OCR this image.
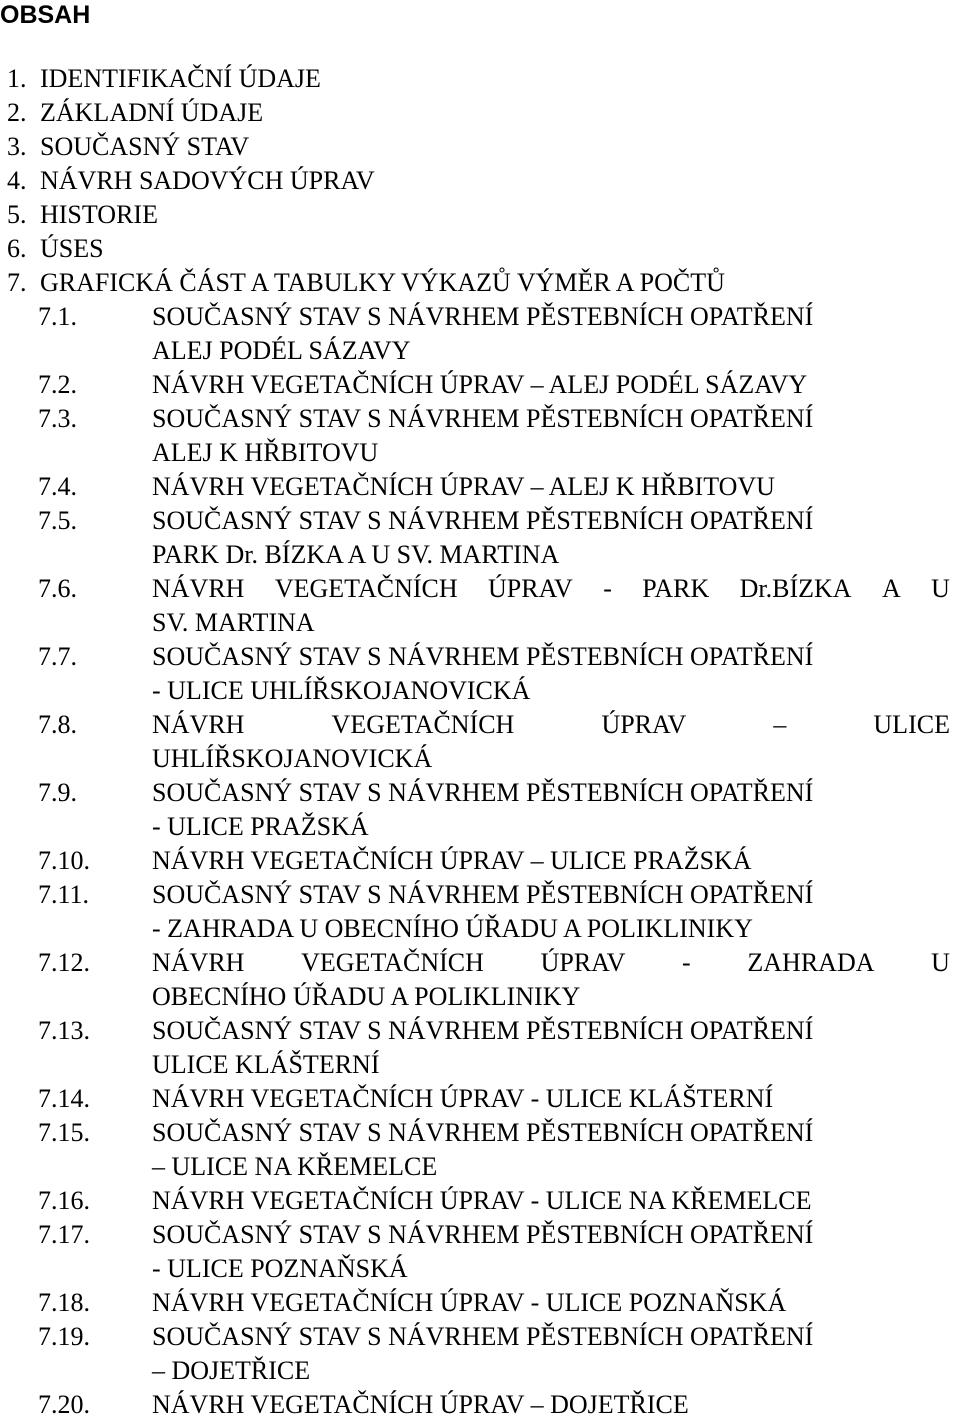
OBSAH
1. IDENTIFIKAČNÍ ÚDAJE
2. ZÁKLADNÍ ÚDAJE
3. SOUČASNÝ STAV
4. NÁVRH SADOVÝCH ÚPRAV
5. HISTORIE
6. ÚSES
7. GRAFICKÁ ČÁST A TABULKY VÝKAZŮ VÝMĚR A POČTŮ
7.1.	SOUČASNÝ STAV S NÁVRHEM PĚSTEBNÍCH OPATŘENÍ
ALEJ PODÉL SÁZAVY
7.2.	NÁVRH VEGETAČNÍCH ÚPRAV – ALEJ PODÉL SÁZAVY
7.3.	SOUČASNÝ STAV S NÁVRHEM PĚSTEBNÍCH OPATŘENÍ
ALEJ K HŘBITOVU
7.4.	NÁVRH VEGETAČNÍCH ÚPRAV – ALEJ K HŘBITOVU
7.5.	SOUČASNÝ STAV S NÁVRHEM PĚSTEBNÍCH OPATŘENÍ
PARK Dr. BÍZKA A U SV. MARTINA
7.6.	NÁVRH VEGETAČNÍCH ÚPRAV - PARK Dr.BÍZKA A U
SV. MARTINA
7.7.	SOUČASNÝ STAV S NÁVRHEM PĚSTEBNÍCH OPATŘENÍ
- ULICE UHLÍŘSKOJANOVICKÁ
7.8.	NÁVRH	VEGETAČNÍCH	ÚPRAV	–	ULICE
UHLÍŘSKOJANOVICKÁ
7.9.	SOUČASNÝ STAV S NÁVRHEM PĚSTEBNÍCH OPATŘENÍ
- ULICE PRAŽSKÁ
7.10. NÁVRH VEGETAČNÍCH ÚPRAV – ULICE PRAŽSKÁ
7.11. SOUČASNÝ STAV S NÁVRHEM PĚSTEBNÍCH OPATŘENÍ
- ZAHRADA U OBECNÍHO ÚŘADU A POLIKLINIKY
7.12. NÁVRH VEGETAČNÍCH ÚPRAV - ZAHRADA U
OBECNÍHO ÚŘADU A POLIKLINIKY
7.13. SOUČASNÝ STAV S NÁVRHEM PĚSTEBNÍCH OPATŘENÍ
ULICE KLÁŠTERNÍ
7.14. NÁVRH VEGETAČNÍCH ÚPRAV - ULICE KLÁŠTERNÍ
7.15. SOUČASNÝ STAV S NÁVRHEM PĚSTEBNÍCH OPATŘENÍ
– ULICE NA KŘEMELCE
7.16. NÁVRH VEGETAČNÍCH ÚPRAV - ULICE NA KŘEMELCE
7.17. SOUČASNÝ STAV S NÁVRHEM PĚSTEBNÍCH OPATŘENÍ
- ULICE POZNAŇSKÁ
7.18. NÁVRH VEGETAČNÍCH ÚPRAV - ULICE POZNAŇSKÁ
7.19. SOUČASNÝ STAV S NÁVRHEM PĚSTEBNÍCH OPATŘENÍ
– DOJETŘICE
7.20. NÁVRH VEGETAČNÍCH ÚPRAV – DOJETŘICE
